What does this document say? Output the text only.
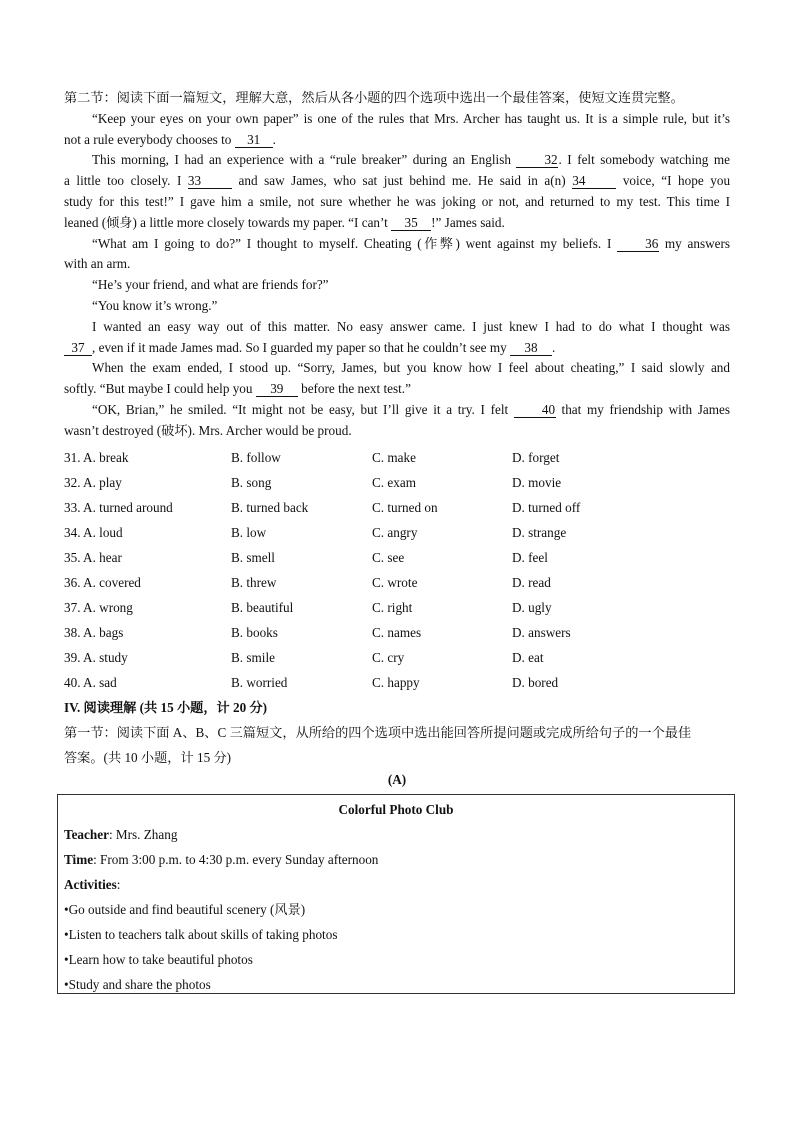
第二节：阅读下面一篇短文，理解大意，然后从各小题的四个选项中选出一个最佳答案，使短文连贯完整。
“Keep your eyes on your own paper” is one of the rules that Mrs. Archer has taught us. It is a simple rule, but it’s
not a rule everybody chooses to 31 .
This morning, I had an experience with a “rule breaker” during an English	32. I felt somebody watching me
a little too closely. I 33	and saw James, who sat just behind me. He said in a(n) 34	voice, “I hope you
study for this test!” I gave him a smile, not sure whether he was joking or not, and returned to my test. This time I
leaned (倾身) a little more closely towards my paper. “I can’t 35 !” James said.
“What am I going to do?” I thought to myself. Cheating (作弊) went against my beliefs. I	36 my answers
with an arm.
“He’s your friend, and what are friends for?”
“You know it’s wrong.”
I wanted an easy way out of this matter. No easy answer came. I just knew I had to do what I thought was
37 , even if it made James mad. So I guarded my paper so that he couldn’t see my 38 .
When the exam ended, I stood up. “Sorry, James, but you know how I feel about cheating,” I said slowly and
softly. “But maybe I could help you 39 before the next test.”
“OK, Brian,” he smiled. “It might not be easy, but I’ll give it a try. I felt	40 that my friendship with James
wasn’t destroyed (破坏). Mrs. Archer would be proud.
31. A. break	B. follow	C. make	D. forget
32. A. play	B. song	C. exam	D. movie
33. A. turned around	B. turned back	C. turned on	D. turned off
34. A. loud	B. low	C. angry	D. strange
35. A. hear	B. smell	C. see	D. feel
36. A. covered	B. threw	C. wrote	D. read
37. A. wrong	B. beautiful	C. right	D. ugly
38. A. bags	B. books	C. names	D. answers
39. A. study	B. smile	C. cry	D. eat
40. A. sad	B. worried	C. happy	D. bored
IV. 阅读理解 (共 15 小题，计 20 分)
第一节：阅读下面 A、B、C 三篇短文，从所给的四个选项中选出能回答所提问题或完成所给句子的一个最佳
答案。(共 10 小题，计 15 分)
(A)
Colorful Photo Club
Teacher: Mrs. Zhang
Time: From 3:00 p.m. to 4:30 p.m. every Sunday afternoon
Activities:
•Go outside and find beautiful scenery (风景)
•Listen to teachers talk about skills of taking photos
•Learn how to take beautiful photos
•Study and share the photos
